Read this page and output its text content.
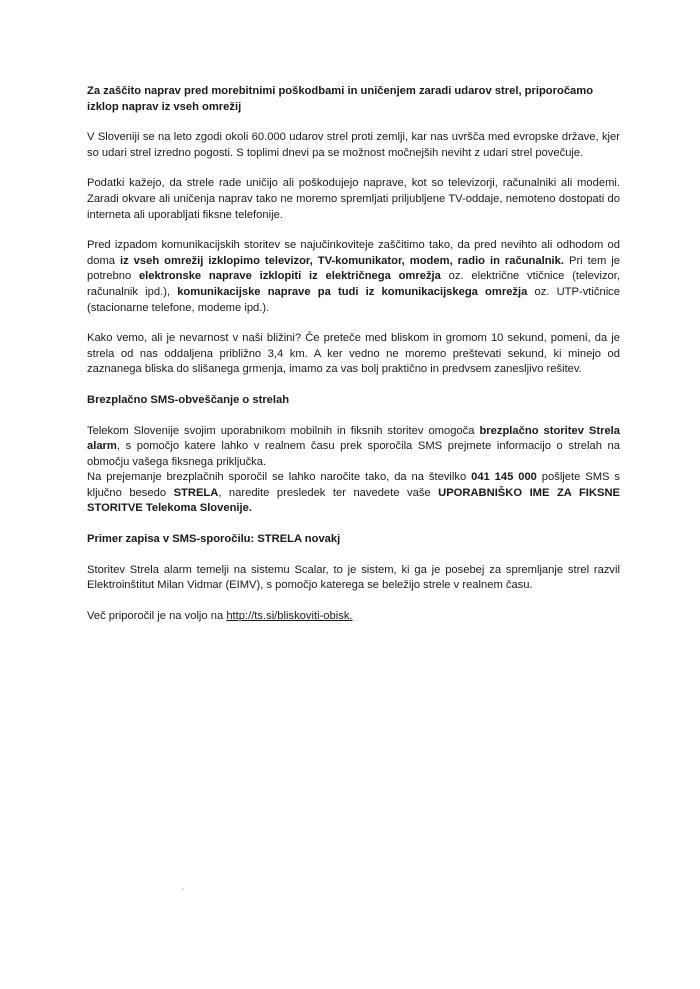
Za zaščito naprav pred morebitnimi poškodbami in uničenjem zaradi udarov strel, priporočamo izklop naprav iz vseh omrežij

V Sloveniji se na leto zgodi okoli 60.000 udarov strel proti zemlji, kar nas uvršča med evropske države, kjer so udari strel izredno pogosti. S toplimi dnevi pa se možnost močnejših neviht z udari strel povečuje.

Podatki kažejo, da strele rade uničijo ali poškodujejo naprave, kot so televizorji, računalniki ali modemi. Zaradi okvare ali uničenja naprav tako ne moremo spremljati priljubljene TV-oddaje, nemoteno dostopati do interneta ali uporabljati fiksne telefonije.

Pred izpadom komunikacijskih storitev se najučinkoviteje zaščitimo tako, da pred nevihto ali odhodom od doma iz vseh omrežij izklopimo televizor, TV-komunikator, modem, radio in računalnik. Pri tem je potrebno elektronske naprave izklopiti iz električnega omrežja oz. električne vtičnice (televizor, računalnik ipd.), komunikacijske naprave pa tudi iz komunikacijskega omrežja oz. UTP-vtičnice (stacionarne telefone, modeme ipd.).

Kako vemo, ali je nevarnost v naši bližini? Če preteče med bliskom in gromom 10 sekund, pomeni, da je strela od nas oddaljena približno 3,4 km. A ker vedno ne moremo preštevati sekund, ki minejo od zaznanega bliska do slišanega grmenja, imamo za vas bolj praktično in predvsem zanesljivo rešitev.

Brezplačno SMS-obveščanje o strelah

Telekom Slovenije svojim uporabnikom mobilnih in fiksnih storitev omogoča brezplačno storitev Strela alarm, s pomočjo katere lahko v realnem času prek sporočila SMS prejmete informacijo o strelah na območju vašega fiksnega priključka.

Na prejemanje brezplačnih sporočil se lahko naročite tako, da na številko 041 145 000 pošljete SMS s ključno besedo STRELA, naredite presledek ter navedete vaše UPORABNIŠKO IME ZA FIKSNE STORITVE Telekoma Slovenije.

Primer zapisa v SMS-sporočilu: STRELA novakj

Storitev Strela alarm temelji na sistemu Scalar, to je sistem, ki ga je posebej za spremljanje strel razvil Elektroinštitut Milan Vidmar (EIMV), s pomočjo katerega se beležijo strele v realnem času.

Več priporočil je na voljo na http://ts.si/bliskoviti-obisk.
